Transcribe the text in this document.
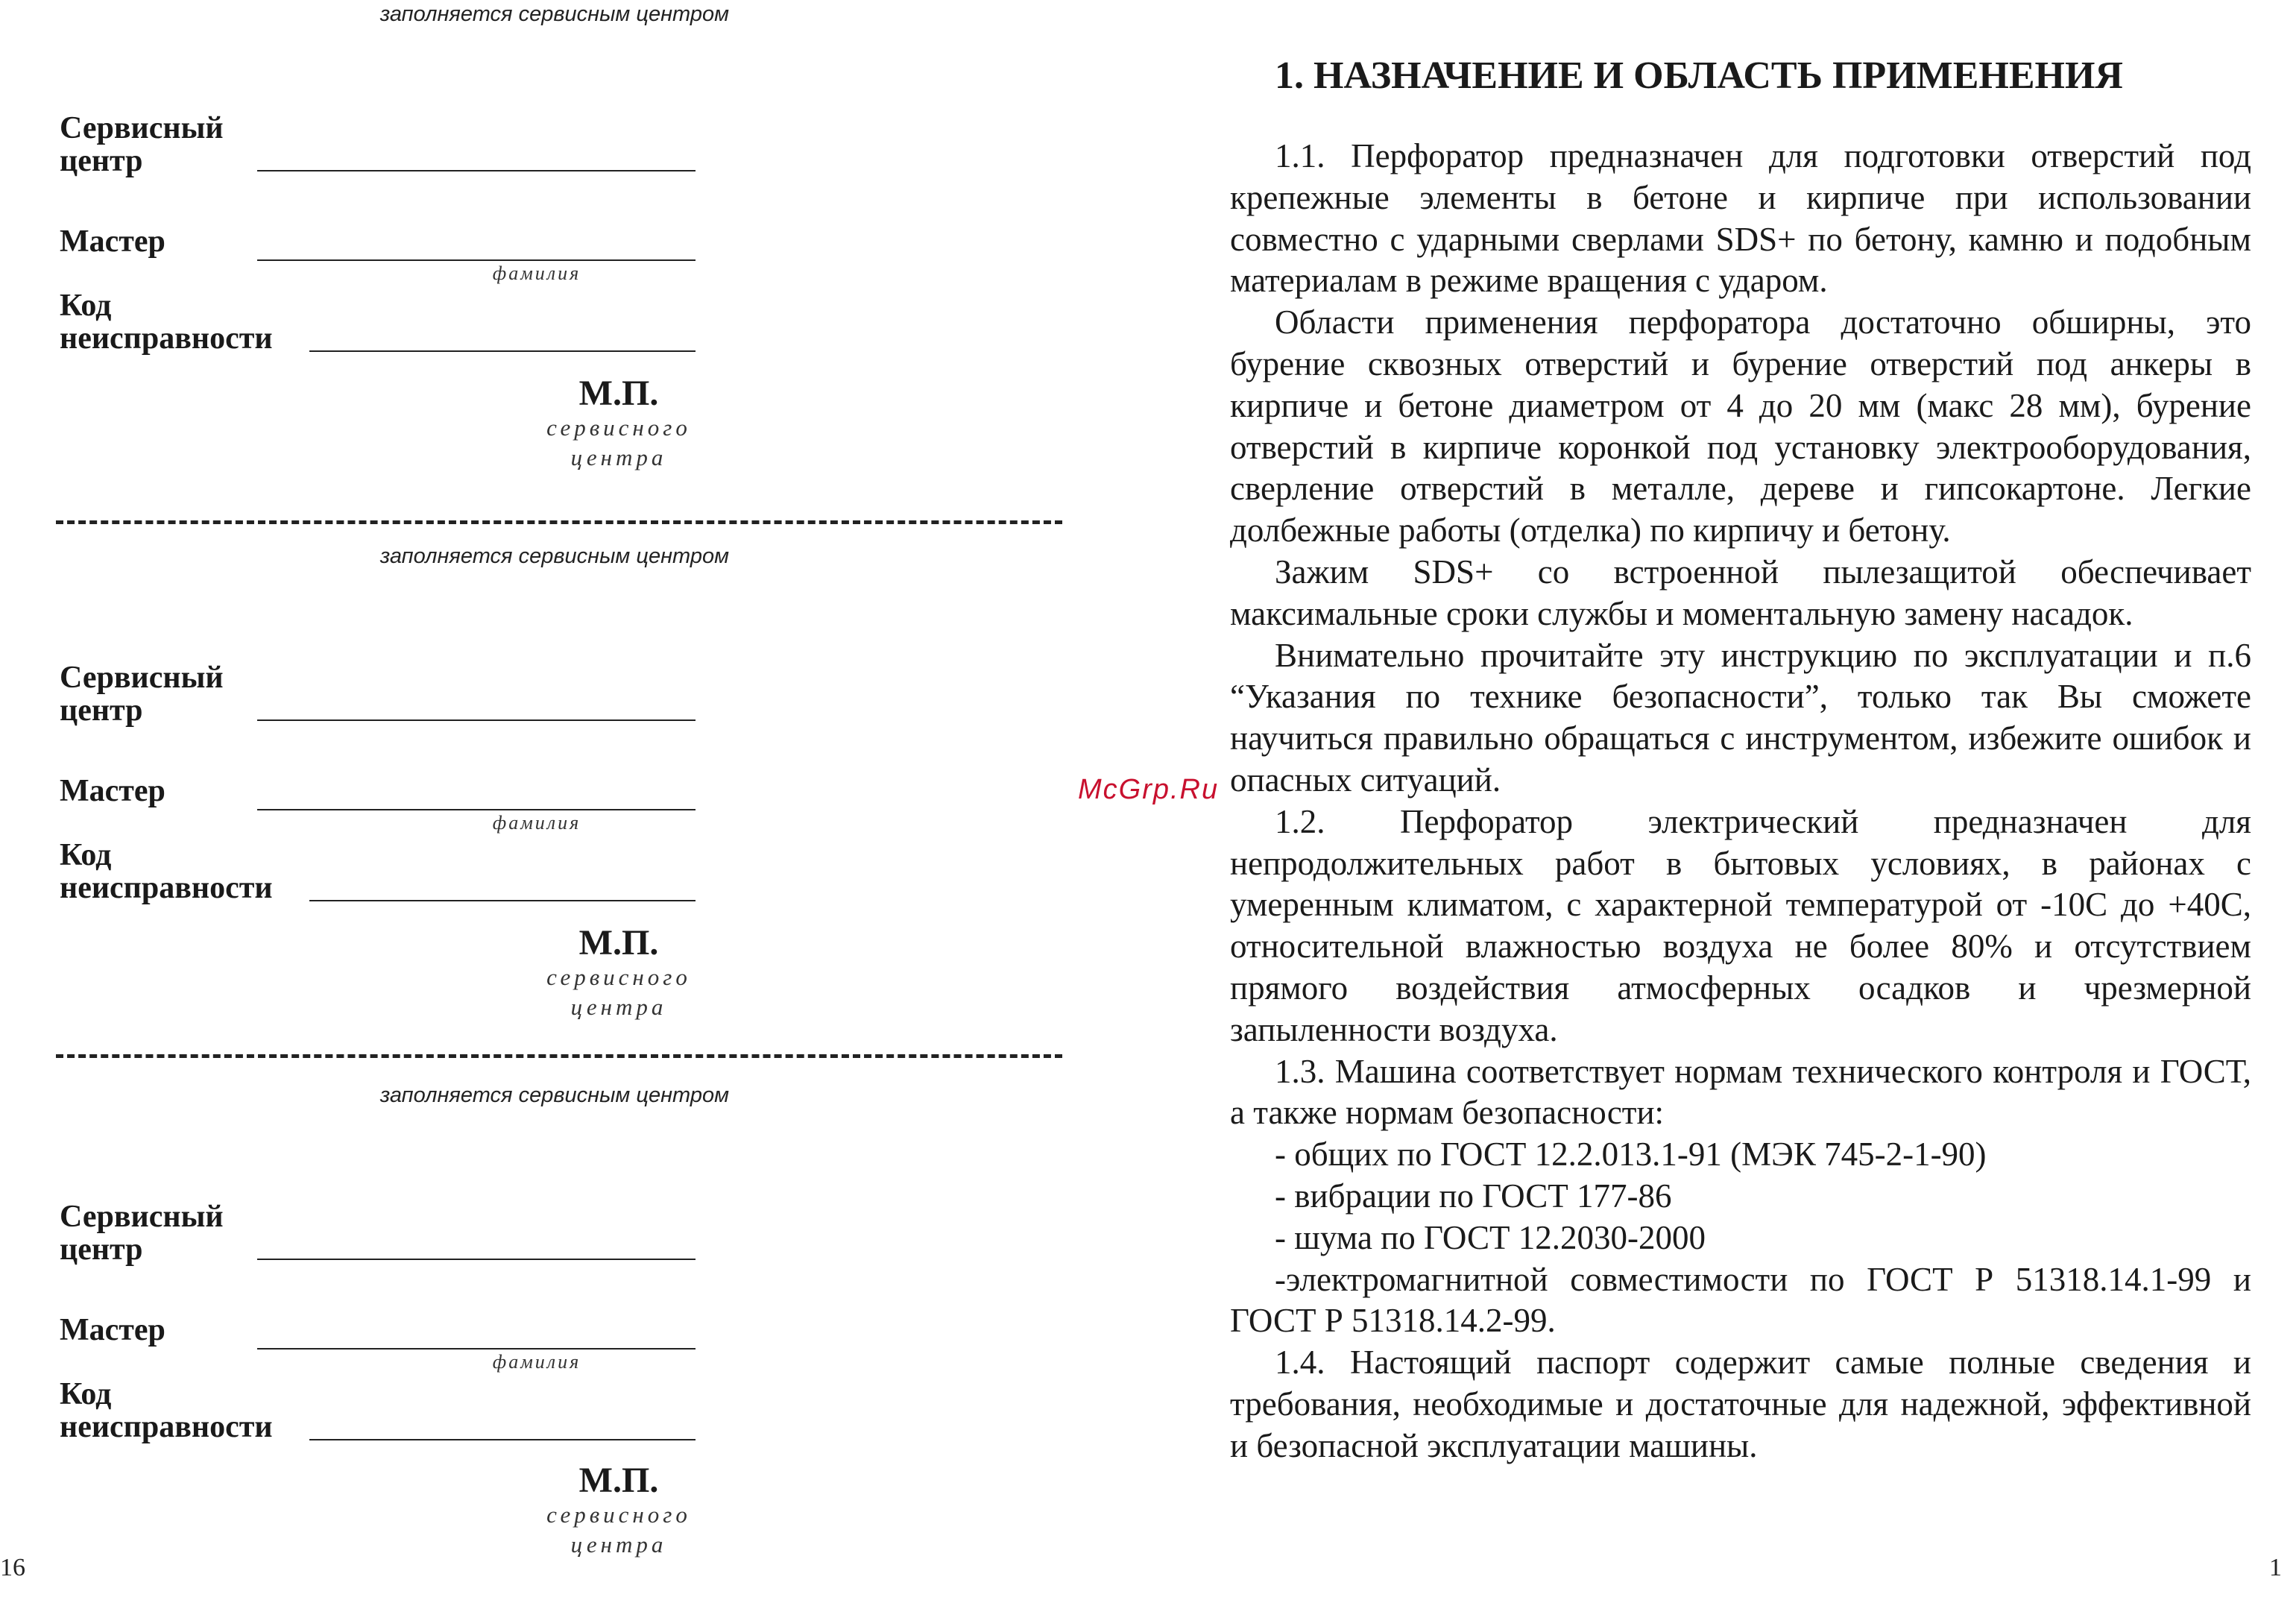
заполняется сервисным центром
Сервисный
центр
Мастер
фамилия
Код
неисправности
М.П.
сервисного
центра
заполняется сервисным центром
Сервисный
центр
Мастер
фамилия
Код
неисправности
М.П.
сервисного
центра
заполняется сервисным центром
Сервисный
центр
Мастер
фамилия
Код
неисправности
М.П.
сервисного
центра
16
1. НАЗНАЧЕНИЕ И ОБЛАСТЬ ПРИМЕНЕНИЯ

1.1. Перфоратор предназначен для подготовки отверстий под крепежные элементы в бетоне и кирпиче при использовании совместно с ударными сверлами SDS+ по бетону, камню и подобным материалам в режиме вращения с ударом.

Области применения перфоратора достаточно обширны, это бурение сквозных отверстий и бурение отверстий под анкеры в кирпиче и бетоне диаметром от 4 до 20 мм (макс 28 мм), бурение отверстий в кирпиче коронкой под установку электрооборудования, сверление отверстий в металле, дереве и гипсокартоне. Легкие долбежные работы (отделка) по кирпичу и бетону.

Зажим SDS+ со встроенной пылезащитой обеспечивает максимальные сроки службы и моментальную замену насадок.

Внимательно прочитайте эту инструкцию по эксплуатации и п.6 “Указания по технике безопасности”, только так Вы сможете научиться правильно обращаться с инструментом, избежите ошибок и опасных ситуаций.

1.2. Перфоратор электрический предназначен для непродолжительных работ в бытовых условиях, в районах с умеренным климатом, с характерной температурой от -10С до +40С, относительной влажностью воздуха не более 80% и отсутствием прямого воздействия атмосферных осадков и чрезмерной запыленности воздуха.

1.3. Машина соответствует нормам технического контроля и ГОСТ, а также нормам безопасности:

- общих по ГОСТ 12.2.013.1-91 (МЭК 745-2-1-90)

- вибрации по ГОСТ 177-86

- шума по ГОСТ 12.2030-2000

-электромагнитной совместимости по ГОСТ Р 51318.14.1-99 и ГОСТ Р 51318.14.2-99.

1.4. Настоящий паспорт содержит самые полные сведения и требования, необходимые и достаточные для надежной, эффективной и безопасной эксплуатации машины.

1
McGrp.Ru
